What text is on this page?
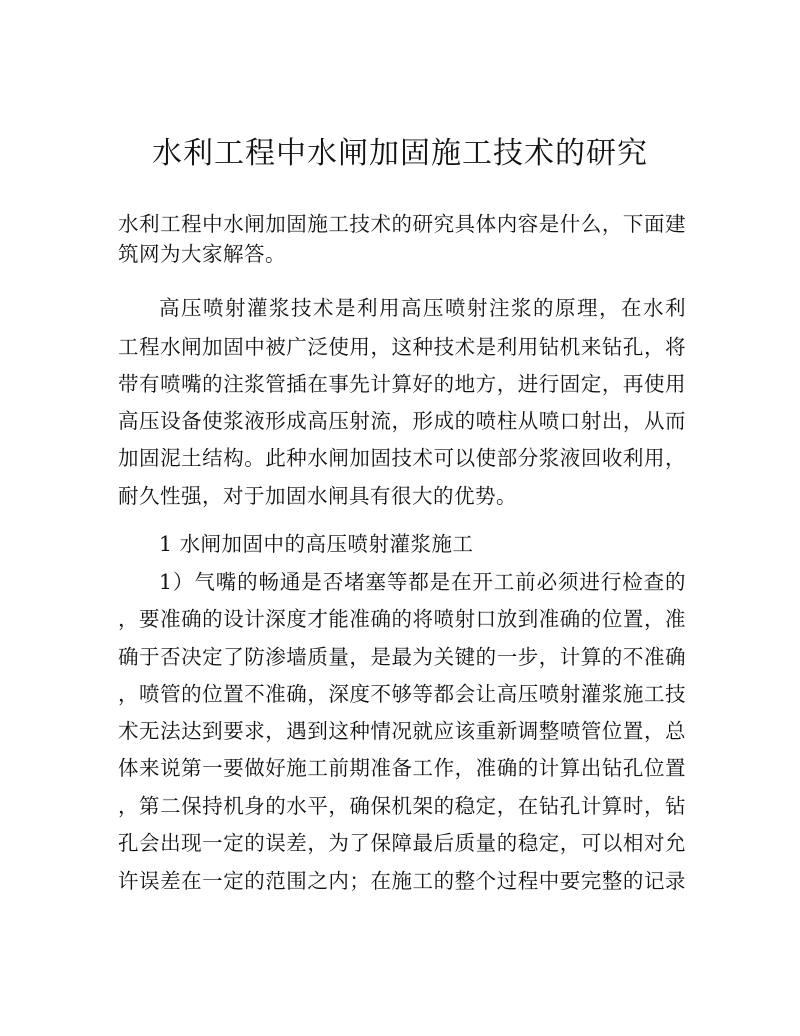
水利工程中水闸加固施工技术的研究
水利工程中水闸加固施工技术的研究具体内容是什么，下面建
筑网为大家解答。
高压喷射灌浆技术是利用高压喷射注浆的原理，在水利
工程水闸加固中被广泛使用，这种技术是利用钻机来钻孔，将
带有喷嘴的注浆管插在事先计算好的地方，进行固定，再使用
高压设备使浆液形成高压射流，形成的喷柱从喷口射出，从而
加固泥土结构。此种水闸加固技术可以使部分浆液回收利用，
耐久性强，对于加固水闸具有很大的优势。
1 水闸加固中的高压喷射灌浆施工
1）气嘴的畅通是否堵塞等都是在开工前必须进行检查的
，要准确的设计深度才能准确的将喷射口放到准确的位置，准
确于否决定了防渗墙质量，是最为关键的一步，计算的不准确
，喷管的位置不准确，深度不够等都会让高压喷射灌浆施工技
术无法达到要求，遇到这种情况就应该重新调整喷管位置，总
体来说第一要做好施工前期准备工作，准确的计算出钻孔位置
，第二保持机身的水平，确保机架的稳定，在钻孔计算时，钻
孔会出现一定的误差，为了保障最后质量的稳定，可以相对允
许误差在一定的范围之内；在施工的整个过程中要完整的记录
